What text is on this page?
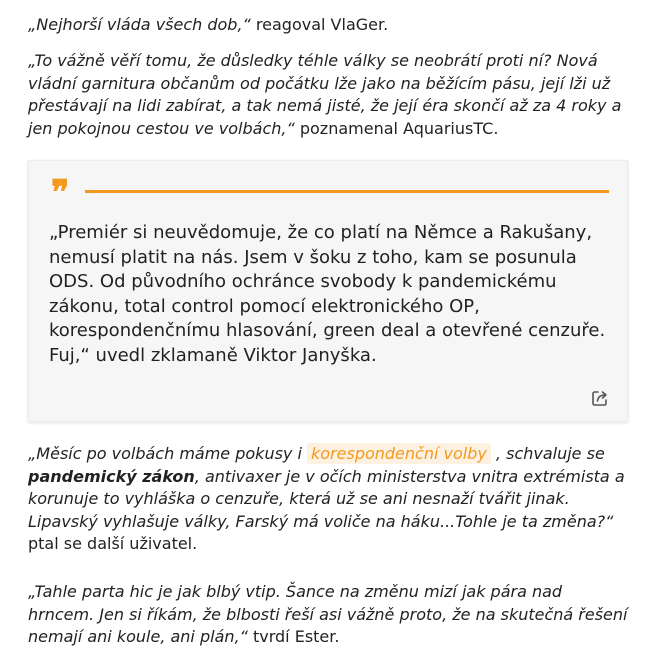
„Nejhorší vláda všech dob,“ reagoval VlaGer.

„To vážně věří tomu, že důsledky téhle války se neobrátí proti ní? Nová vládní garnitura občanům od počátku lže jako na běžícím pásu, její lži už přestávají na lidi zabírat, a tak nemá jisté, že její éra skončí až za 4 roky a jen pokojnou cestou ve volbách,“ poznamenal AquariusTC.

❞

„Premiér si neuvědomuje, že co platí na Němce a Rakušany, nemusí platit na nás. Jsem v šoku z toho, kam se posunula ODS. Od původního ochránce svobody k pandemickému zákonu, total control pomocí elektronického OP, korespondenčnímu hlasování, green deal a otevřené cenzuře. Fuj,“ uvedl zklamaně Viktor Janyška.

„Měsíc po volbách máme pokusy i korespondenční volby , schvaluje se pandemický zákon, antivaxer je v očích ministerstva vnitra extrémista a korunuje to vyhláška o cenzuře, která už se ani nesnaží tvářit jinak. Lipavský vyhlašuje války, Farský má voliče na háku...Tohle je ta změna?“ ptal se další uživatel.

„Tahle parta hic je jak blbý vtip. Šance na změnu mizí jak pára nad hrncem. Jen si říkám, že blbosti řeší asi vážně proto, že na skutečná řešení nemají ani koule, ani plán,“ tvrdí Ester.
